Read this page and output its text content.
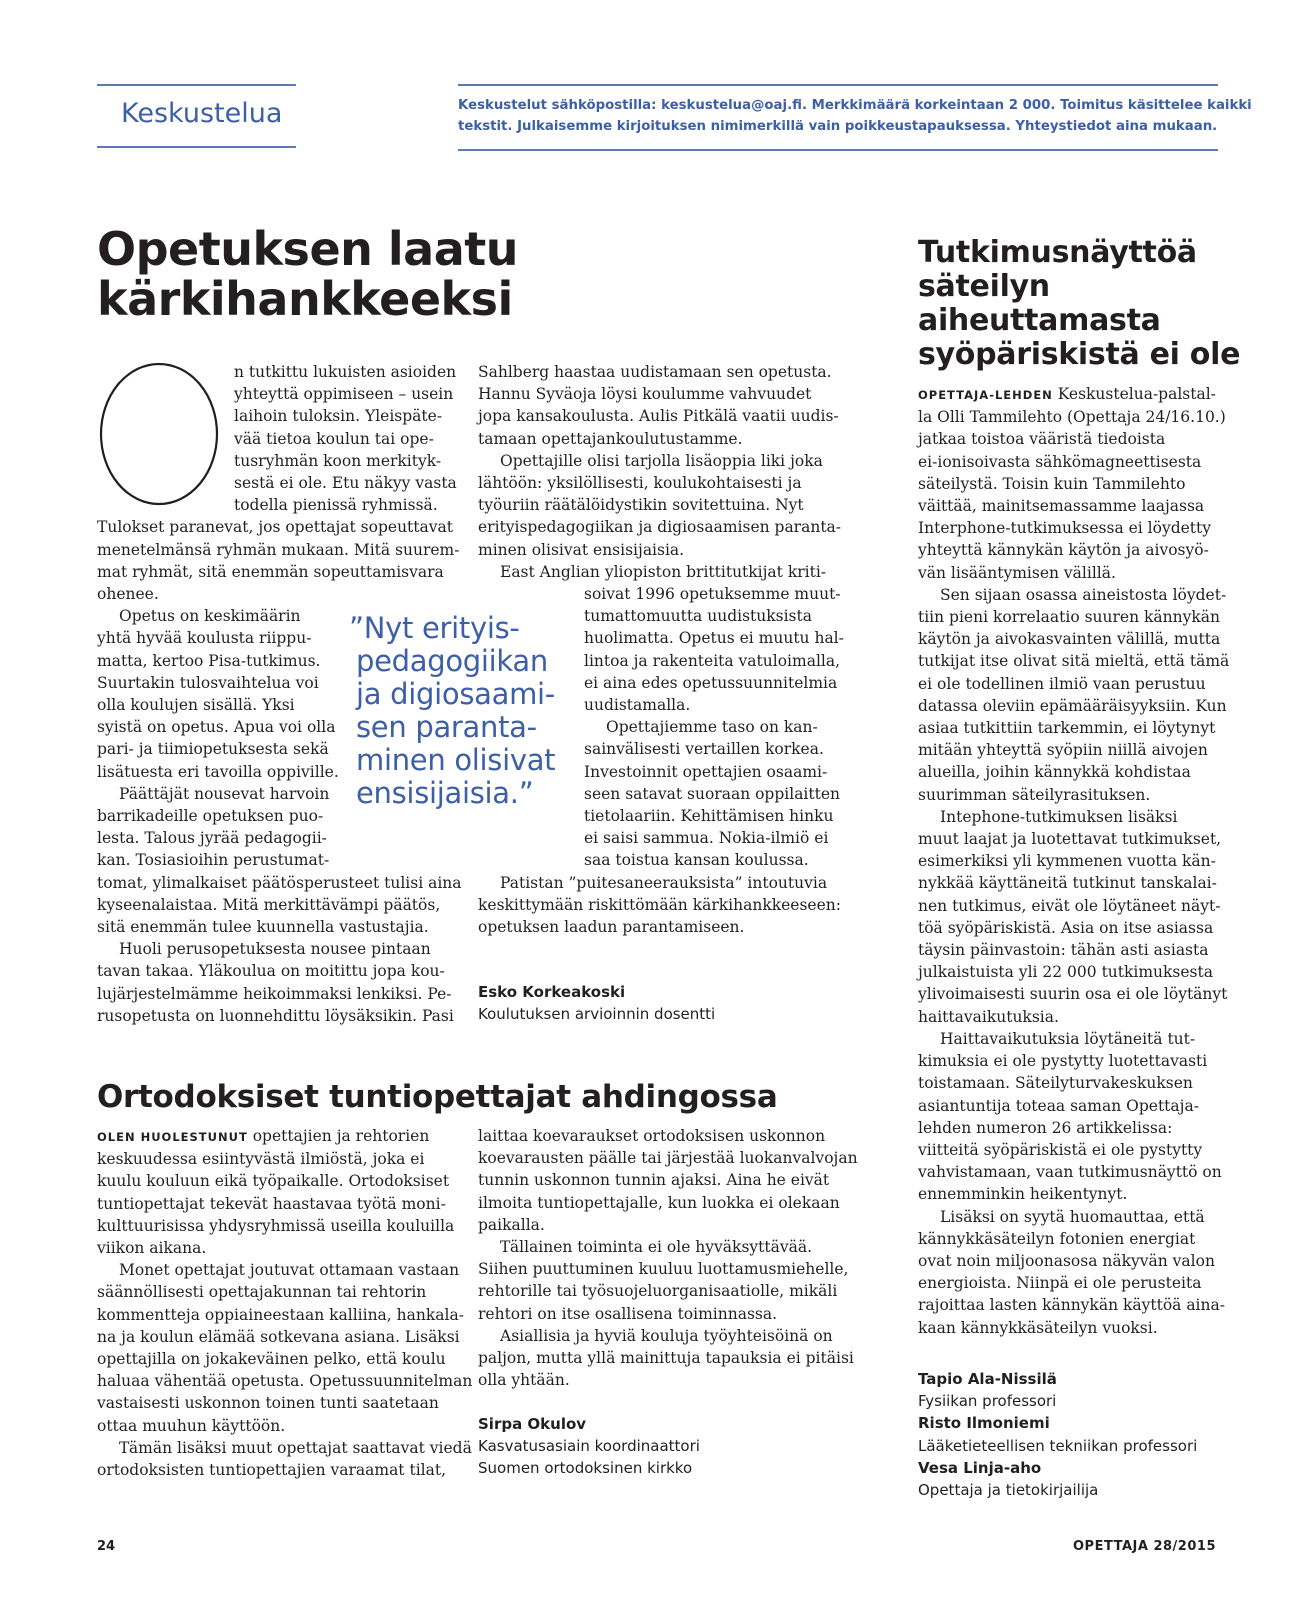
Keskustelua	Keskustelut sähköpostilla: keskustelua@oaj.fi. Merkkimäärä korkeintaan 2 000. Toimitus käsittelee kaikki
tekstit. Julkaisemme kirjoituksen nimimerkillä vain poikkeustapauksessa. Yhteystiedot aina mukaan.
Opetuksen laatu
kärkihankkeeksi
O
n tutkittu lukuisten asioiden
yhteyttä oppimiseen – usein
laihoin tuloksin. Yleispäte-
vää tietoa koulun tai ope-
tusryhmän koon merkityk-
sestä ei ole. Etu näkyy vasta
todella pienissä ryhmissä.
Tulokset paranevat, jos opettajat sopeuttavat
menetelmänsä ryhmän mukaan. Mitä suurem-
mat ryhmät, sitä enemmän sopeuttamisvara
ohenee.
Opetus on keskimäärin
yhtä hyvää koulusta riippu-
matta, kertoo Pisa-tutkimus.
Suurtakin tulosvaihtelua voi
olla koulujen sisällä. Yksi
syistä on opetus. Apua voi olla
pari- ja tiimiopetuksesta sekä
lisätuesta eri tavoilla oppiville.
Päättäjät nousevat harvoin
barrikadeille opetuksen puo-
lesta. Talous jyrää pedagogii-
kan. Tosiasioihin perustumat-
tomat, ylimalkaiset päätösperusteet tulisi aina
kyseenalaistaa. Mitä merkittävämpi päätös,
sitä enemmän tulee kuunnella vastustajia.
Huoli perusopetuksesta nousee pintaan
tavan takaa. Yläkoulua on moitittu jopa kou-
lujärjestelmämme heikoimmaksi lenkiksi. Pe-
rusopetusta on luonnehdittu löysäksikin. Pasi
”Nyt erityis-
pedagogiikan
ja digiosaami-
sen paranta-
minen olisivat
ensisijaisia.”
Sahlberg haastaa uudistamaan sen opetusta.
Hannu Syväoja löysi koulumme vahvuudet
jopa kansakoulusta. Aulis Pitkälä vaatii uudis-
tamaan opettajankoulutustamme.
Opettajille olisi tarjolla lisäoppia liki joka
lähtöön: yksilöllisesti, koulukohtaisesti ja
työuriin räätälöidystikin sovitettuina. Nyt
erityispedagogiikan ja digiosaamisen paranta-
minen olisivat ensisijaisia.
East Anglian yliopiston brittitutkijat kriti-
soivat 1996 opetuksemme muut-
tumattomuutta uudistuksista
huolimatta. Opetus ei muutu hal-
lintoa ja rakenteita vatuloimalla,
ei aina edes opetussuunnitelmia
uudistamalla.
Opettajiemme taso on kan-
sainvälisesti vertaillen korkea.
Investoinnit opettajien osaami-
seen satavat suoraan oppilaitten
tietolaariin. Kehittämisen hinku
ei saisi sammua. Nokia-ilmiö ei
saa toistua kansan koulussa.
Patistan ”puitesaneerauksista” intoutuvia
keskittymään riskittömään kärkihankkeeseen:
opetuksen laadun parantamiseen.
Esko Korkeakoski
Koulutuksen arvioinnin dosentti
Ortodoksiset tuntiopettajat ahdingossa
OLEN HUOLESTUNUT opettajien ja rehtorien
keskuudessa esiintyvästä ilmiöstä, joka ei
kuulu kouluun eikä työpaikalle. Ortodoksiset
tuntiopettajat tekevät haastavaa työtä moni-
kulttuurisissa yhdysryhmissä useilla kouluilla
viikon aikana.
Monet opettajat joutuvat ottamaan vastaan
säännöllisesti opettajakunnan tai rehtorin
kommentteja oppiaineestaan kalliina, hankala-
na ja koulun elämää sotkevana asiana. Lisäksi
opettajilla on jokakeväinen pelko, että koulu
haluaa vähentää opetusta. Opetussuunnitelman
vastaisesti uskonnon toinen tunti saatetaan
ottaa muuhun käyttöön.
Tämän lisäksi muut opettajat saattavat viedä
ortodoksisten tuntiopettajien varaamat tilat,
laittaa koevaraukset ortodoksisen uskonnon
koevarausten päälle tai järjestää luokanvalvojan
tunnin uskonnon tunnin ajaksi. Aina he eivät
ilmoita tuntiopettajalle, kun luokka ei olekaan
paikalla.
Tällainen toiminta ei ole hyväksyttävää.
Siihen puuttuminen kuuluu luottamusmiehelle,
rehtorille tai työsuojeluorganisaatiolle, mikäli
rehtori on itse osallisena toiminnassa.
Asiallisia ja hyviä kouluja työyhteisöinä on
paljon, mutta yllä mainittuja tapauksia ei pitäisi
olla yhtään.
Sirpa Okulov
Kasvatusasiain koordinaattori
Suomen ortodoksinen kirkko
Tutkimusnäyttöä
säteilyn
aiheuttamasta
syöpäriskistä ei ole
OPETTAJA-LEHDEN Keskustelua-palstal-
la Olli Tammilehto (Opettaja 24/16.10.)
jatkaa toistoa vääristä tiedoista
ei-ionisoivasta sähkömagneettisesta
säteilystä. Toisin kuin Tammilehto
väittää, mainitsemassamme laajassa
Interphone-tutkimuksessa ei löydetty
yhteyttä kännykän käytön ja aivosyö-
vän lisääntymisen välillä.
Sen sijaan osassa aineistosta löydet-
tiin pieni korrelaatio suuren kännykän
käytön ja aivokasvainten välillä, mutta
tutkijat itse olivat sitä mieltä, että tämä
ei ole todellinen ilmiö vaan perustuu
datassa oleviin epämääräisyyksiin. Kun
asiaa tutkittiin tarkemmin, ei löytynyt
mitään yhteyttä syöpiin niillä aivojen
alueilla, joihin kännykkä kohdistaa
suurimman säteilyrasituksen.
Intephone-tutkimuksen lisäksi
muut laajat ja luotettavat tutkimukset,
esimerkiksi yli kymmenen vuotta kän-
nykkää käyttäneitä tutkinut tanskalai-
nen tutkimus, eivät ole löytäneet näyt-
töä syöpäriskistä. Asia on itse asiassa
täysin päinvastoin: tähän asti asiasta
julkaistuista yli 22 000 tutkimuksesta
ylivoimaisesti suurin osa ei ole löytänyt
haittavaikutuksia.
Haittavaikutuksia löytäneitä tut-
kimuksia ei ole pystytty luotettavasti
toistamaan. Säteilyturvakeskuksen
asiantuntija toteaa saman Opettaja-
lehden numeron 26 artikkelissa:
viitteitä syöpäriskistä ei ole pystytty
vahvistamaan, vaan tutkimusnäyttö on
ennemminkin heikentynyt.
Lisäksi on syytä huomauttaa, että
kännykkäsäteilyn fotonien energiat
ovat noin miljoonasosa näkyvän valon
energioista. Niinpä ei ole perusteita
rajoittaa lasten kännykän käyttöä aina-
kaan kännykkäsäteilyn vuoksi.
Tapio Ala-Nissilä
Fysiikan professori
Risto Ilmoniemi
Lääketieteellisen tekniikan professori
Vesa Linja-aho
Opettaja ja tietokirjailija
24	OPETTAJA 28/2015
